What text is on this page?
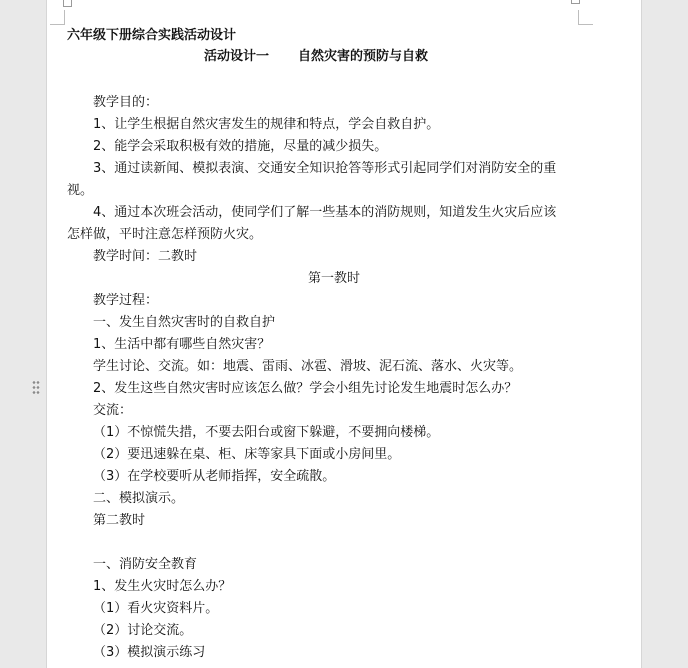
六年级下册综合实践活动设计
活动设计一 自然灾害的预防与自救
教学目的：
1、让学生根据自然灾害发生的规律和特点，学会自救自护。
2、能学会采取积极有效的措施，尽量的减少损失。
3、通过读新闻、模拟表演、交通安全知识抢答等形式引起同学们对消防安全的重
视。
4、通过本次班会活动，使同学们了解一些基本的消防规则，知道发生火灾后应该
怎样做，平时注意怎样预防火灾。
教学时间：二教时
第一教时
教学过程：
一、发生自然灾害时的自救自护
1、生活中都有哪些自然灾害？
学生讨论、交流。如：地震、雷雨、冰雹、滑坡、泥石流、落水、火灾等。
2、发生这些自然灾害时应该怎么做？学会小组先讨论发生地震时怎么办？
交流：
（1）不惊慌失措，不要去阳台或窗下躲避，不要拥向楼梯。
（2）要迅速躲在桌、柜、床等家具下面或小房间里。
（3）在学校要听从老师指挥，安全疏散。
二、模拟演示。
第二教时
一、消防安全教育
1、发生火灾时怎么办？
（1）看火灾资料片。
（2）讨论交流。
（3）模拟演示练习
